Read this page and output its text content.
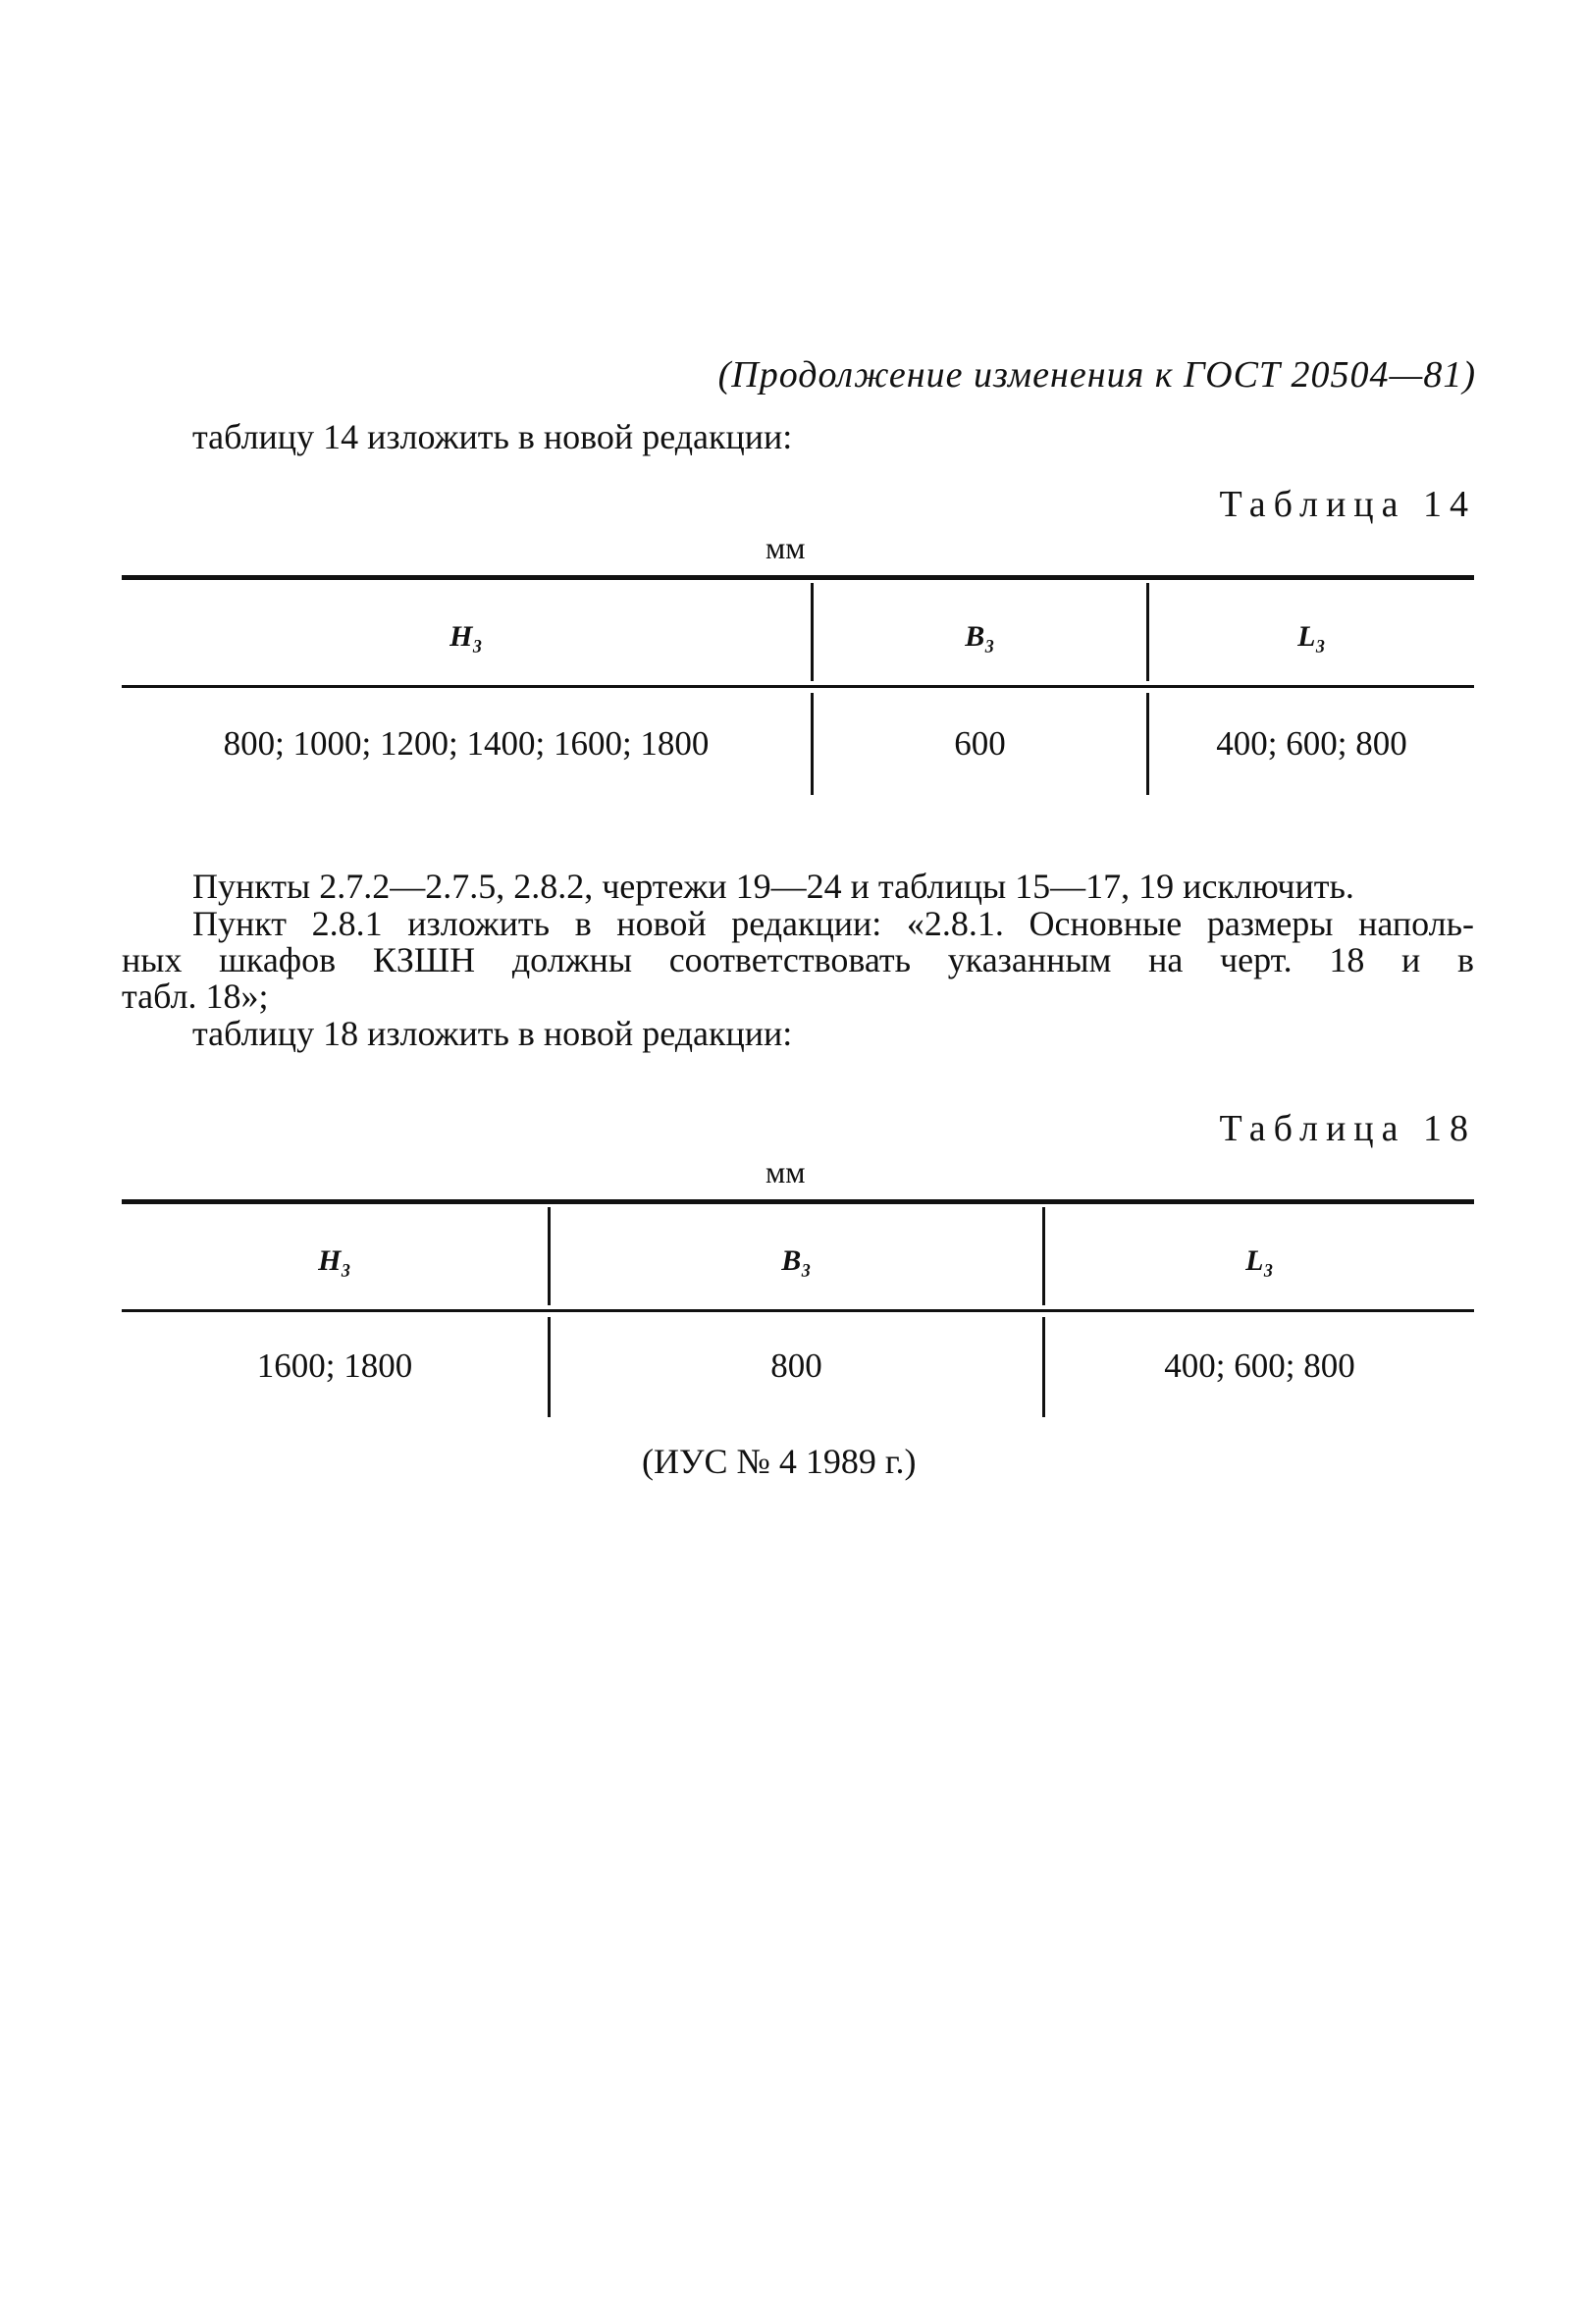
(Продолжение изменения к ГОСТ 20504—81)
таблицу 14 изложить в новой редакции:
Таблица 14
мм
H₃	B₃	L₃
800; 1000; 1200; 1400; 1600; 1800	600	400; 600; 800
Пункты 2.7.2—2.7.5, 2.8.2, чертежи 19—24 и таблицы 15—17, 19 исключить.
Пункт 2.8.1 изложить в новой редакции: «2.8.1. Основные размеры наполь-
ных шкафов КЗШН должны соответствовать указанным на черт. 18 и в
табл. 18»;
таблицу 18 изложить в новой редакции:
Таблица 18
мм
H₃	B₃	L₃
1600; 1800	800	400; 600; 800
(ИУС № 4 1989 г.)
